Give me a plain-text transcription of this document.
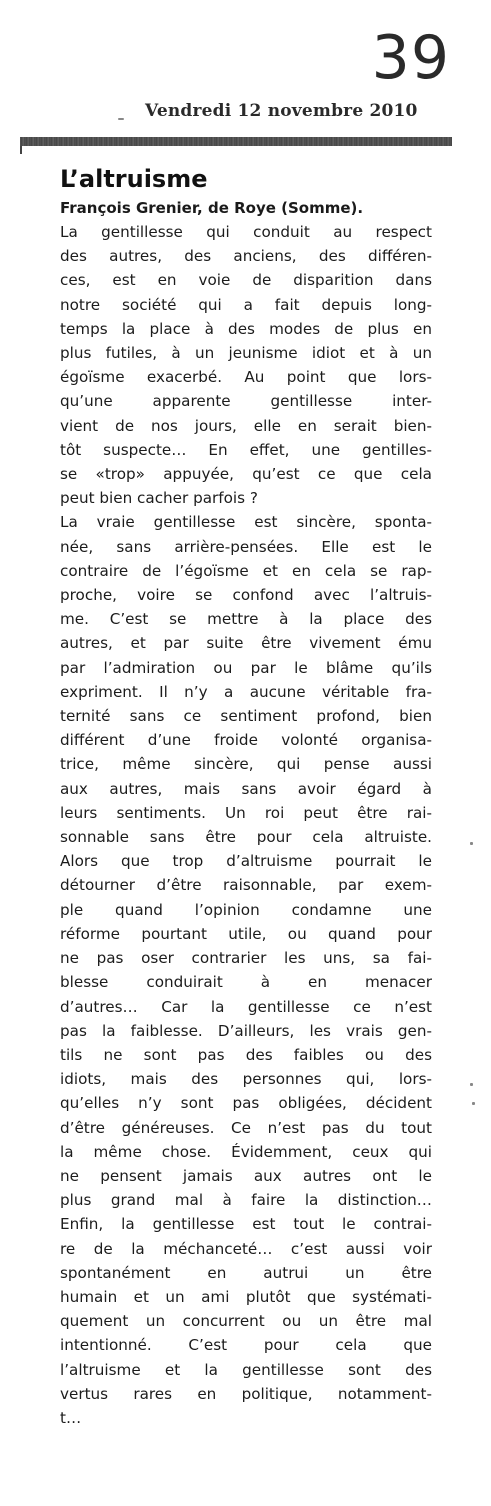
39
Vendredi 12 novembre 2010
L’altruisme
François Grenier, de Roye (Somme).
La gentillesse qui conduit au respect
des autres, des anciens, des différen-
ces, est en voie de disparition dans
notre société qui a fait depuis long-
temps la place à des modes de plus en
plus futiles, à un jeunisme idiot et à un
égoïsme exacerbé. Au point que lors-
qu’une apparente gentillesse inter-
vient de nos jours, elle en serait bien-
tôt suspecte… En effet, une gentilles-
se «trop» appuyée, qu’est ce que cela
peut bien cacher parfois ?
La vraie gentillesse est sincère, sponta-
née, sans arrière-pensées. Elle est le
contraire de l’égoïsme et en cela se rap-
proche, voire se confond avec l’altruis-
me. C’est se mettre à la place des
autres, et par suite être vivement ému
par l’admiration ou par le blâme qu’ils
expriment. Il n’y a aucune véritable fra-
ternité sans ce sentiment profond, bien
différent d’une froide volonté organisa-
trice, même sincère, qui pense aussi
aux autres, mais sans avoir égard à
leurs sentiments. Un roi peut être rai-
sonnable sans être pour cela altruiste.
Alors que trop d’altruisme pourrait le
détourner d’être raisonnable, par exem-
ple quand l’opinion condamne une
réforme pourtant utile, ou quand pour
ne pas oser contrarier les uns, sa fai-
blesse conduirait à en menacer
d’autres… Car la gentillesse ce n’est
pas la faiblesse. D’ailleurs, les vrais gen-
tils ne sont pas des faibles ou des
idiots, mais des personnes qui, lors-
qu’elles n’y sont pas obligées, décident
d’être généreuses. Ce n’est pas du tout
la même chose. Évidemment, ceux qui
ne pensent jamais aux autres ont le
plus grand mal à faire la distinction…
Enfin, la gentillesse est tout le contrai-
re de la méchanceté… c’est aussi voir
spontanément en autrui un être
humain et un ami plutôt que systémati-
quement un concurrent ou un être mal
intentionné. C’est pour cela que
l’altruisme et la gentillesse sont des
vertus rares en politique, notamment-
t…
